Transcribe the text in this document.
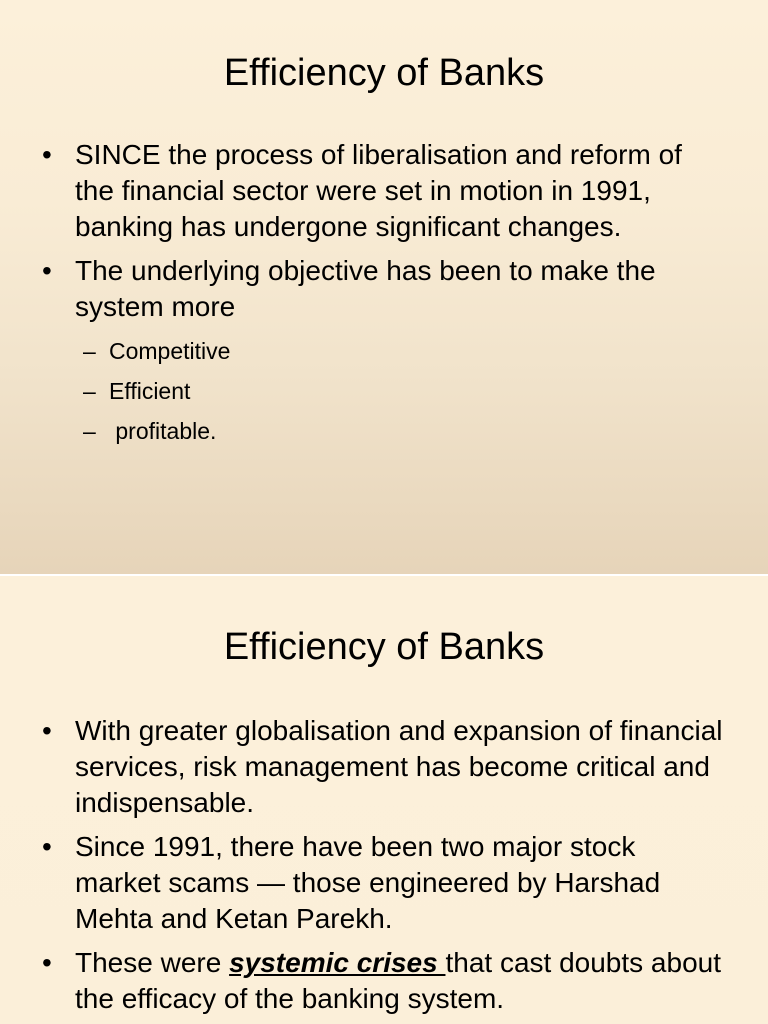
Efficiency of Banks
• SINCE the process of liberalisation and reform of the financial sector were set in motion in 1991, banking has undergone significant changes.
• The underlying objective has been to make the system more
– Competitive
– Efficient
– profitable.
Efficiency of Banks
• With greater globalisation and expansion of financial services, risk management has become critical and indispensable.
• Since 1991, there have been two major stock market scams — those engineered by Harshad Mehta and Ketan Parekh.
• These were systemic crises that cast doubts about the efficacy of the banking system.
